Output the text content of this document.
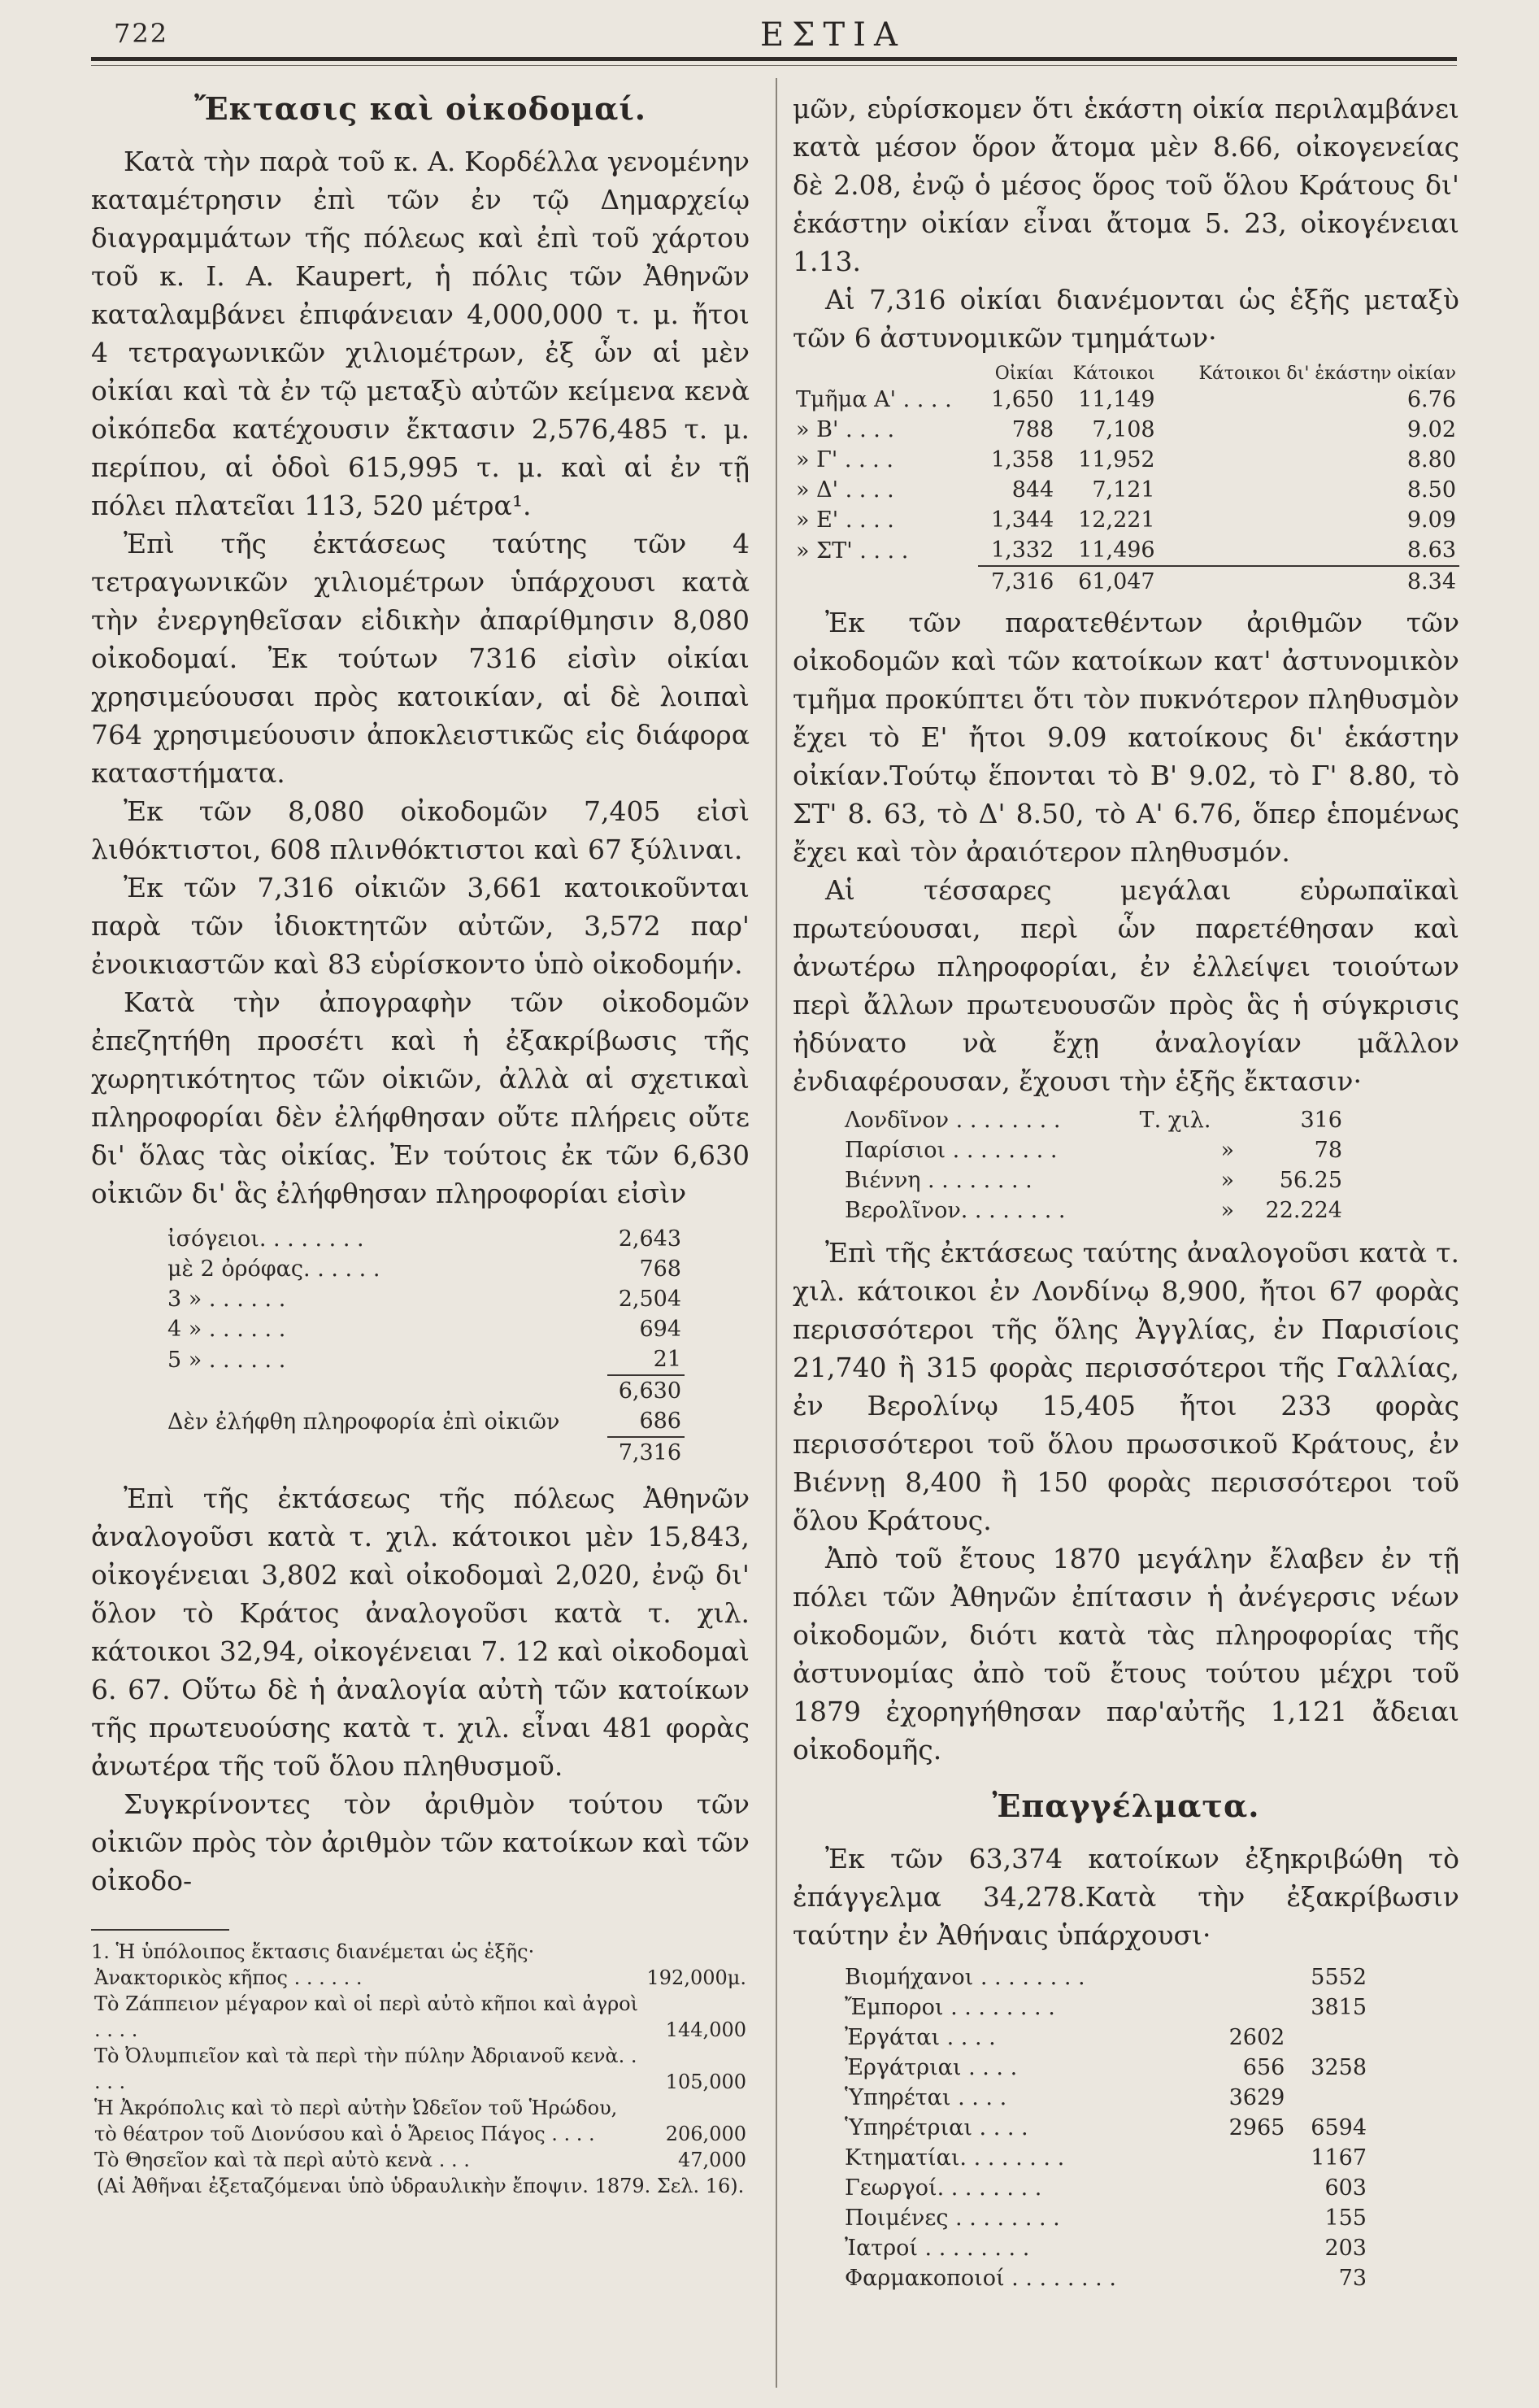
722	ΕΣΤΙΑ
Ἔκτασις καὶ οἰκοδομαί.

Κατὰ τὴν παρὰ τοῦ κ. Α. Κορδέλλα γενομένην καταμέτρησιν ἐπὶ τῶν ἐν τῷ Δημαρχείῳ διαγραμμάτων τῆς πόλεως καὶ ἐπὶ τοῦ χάρτου τοῦ κ. Ι. Α. Kaupert, ἡ πόλις τῶν Ἀθηνῶν καταλαμβάνει ἐπιφάνειαν 4,000,000 τ. μ. ἤτοι 4 τετραγωνικῶν χιλιομέτρων, ἐξ ὧν αἱ μὲν οἰκίαι καὶ τὰ ἐν τῷ μεταξὺ αὐτῶν κείμενα κενὰ οἰκόπεδα κατέχουσιν ἔκτασιν 2,576,485 τ. μ. περίπου, αἱ ὁδοὶ 615,995 τ. μ. καὶ αἱ ἐν τῇ πόλει πλατεῖαι 113, 520 μέτρα¹.

Ἐπὶ τῆς ἐκτάσεως ταύτης τῶν 4 τετραγωνικῶν χιλιομέτρων ὑπάρχουσι κατὰ τὴν ἐνεργηθεῖσαν εἰδικὴν ἀπαρίθμησιν 8,080 οἰκοδομαί. Ἐκ τούτων 7316 εἰσὶν οἰκίαι χρησιμεύουσαι πρὸς κατοικίαν, αἱ δὲ λοιπαὶ 764 χρησιμεύουσιν ἀποκλειστικῶς εἰς διάφορα καταστήματα.

Ἐκ τῶν 8,080 οἰκοδομῶν 7,405 εἰσὶ λιθόκτιστοι, 608 πλινθόκτιστοι καὶ 67 ξύλιναι.

Ἐκ τῶν 7,316 οἰκιῶν 3,661 κατοικοῦνται παρὰ τῶν ἰδιοκτητῶν αὐτῶν, 3,572 παρ' ἐνοικιαστῶν καὶ 83 εὑρίσκοντο ὑπὸ οἰκοδομήν.

Κατὰ τὴν ἀπογραφὴν τῶν οἰκοδομῶν ἐπεζητήθη προσέτι καὶ ἡ ἐξακρίβωσις τῆς χωρητικότητος τῶν οἰκιῶν, ἀλλὰ αἱ σχετικαὶ πληροφορίαι δὲν ἐλήφθησαν οὔτε πλήρεις οὔτε δι' ὅλας τὰς οἰκίας. Ἐν τούτοις ἐκ τῶν 6,630 οἰκιῶν δι' ἃς ἐλήφθησαν πληροφορίαι εἰσὶν

ἰσόγειοι. . . . . . . .	2,643
μὲ 2 ὀρόφας. . . . . .	768
3 » . . . . . .	2,504
4 » . . . . . .	694
5 » . . . . . .	21
	6,630
Δὲν ἐλήφθη πληροφορία ἐπὶ οἰκιῶν	686
	7,316

Ἐπὶ τῆς ἐκτάσεως τῆς πόλεως Ἀθηνῶν ἀναλογοῦσι κατὰ τ. χιλ. κάτοικοι μὲν 15,843, οἰκογένειαι 3,802 καὶ οἰκοδομαὶ 2,020, ἐνῷ δι' ὅλον τὸ Κράτος ἀναλογοῦσι κατὰ τ. χιλ. κάτοικοι 32,94, οἰκογένειαι 7. 12 καὶ οἰκοδομαὶ 6. 67. Οὕτω δὲ ἡ ἀναλογία αὐτὴ τῶν κατοίκων τῆς πρωτευούσης κατὰ τ. χιλ. εἶναι 481 φορὰς ἀνωτέρα τῆς τοῦ ὅλου πληθυσμοῦ.

Συγκρίνοντες τὸν ἀριθμὸν τούτου τῶν οἰκιῶν πρὸς τὸν ἀριθμὸν τῶν κατοίκων καὶ τῶν οἰκοδο-

1. Ἡ ὑπόλοιπος ἔκτασις διανέμεται ὡς ἑξῆς·
Ἀνακτορικὸς κῆπος . . . . . .	192,000μ.
Τὸ Ζάππειον μέγαρον καὶ οἱ περὶ αὐτὸ κῆποι καὶ ἀγροὶ . . . .	144,000
Τὸ Ὀλυμπιεῖον καὶ τὰ περὶ τὴν πύλην Ἀδριανοῦ κενὰ. . . . .	105,000
Ἡ Ἀκρόπολις καὶ τὸ περὶ αὐτὴν Ὠδεῖον τοῦ Ἡρώδου, τὸ θέατρον τοῦ Διονύσου καὶ ὁ Ἄρειος Πάγος . . . .	206,000
Τὸ Θησεῖον καὶ τὰ περὶ αὐτὸ κενὰ . . .	47,000
(Αἱ Ἀθῆναι ἐξεταζόμεναι ὑπὸ ὑδραυλικὴν ἔποψιν. 1879. Σελ. 16).

μῶν, εὑρίσκομεν ὅτι ἑκάστη οἰκία περιλαμβάνει κατὰ μέσον ὅρον ἄτομα μὲν 8.66, οἰκογενείας δὲ 2.08, ἐνῷ ὁ μέσος ὅρος τοῦ ὅλου Κράτους δι' ἑκάστην οἰκίαν εἶναι ἄτομα 5. 23, οἰκογένειαι 1.13.

Αἱ 7,316 οἰκίαι διανέμονται ὡς ἑξῆς μεταξὺ τῶν 6 ἀστυνομικῶν τμημάτων·

	Οἰκίαι	Κάτοικοι	Κάτοικοι δι' ἑκάστην οἰκίαν
Τμῆμα Α' . . . .	1,650	11,149	6.76
» Β' . . . .	788	7,108	9.02
» Γ' . . . .	1,358	11,952	8.80
» Δ' . . . .	844	7,121	8.50
» Ε' . . . .	1,344	12,221	9.09
» ΣΤ' . . . .	1,332	11,496	8.63
	7,316	61,047	8.34

Ἐκ τῶν παρατεθέντων ἀριθμῶν τῶν οἰκοδομῶν καὶ τῶν κατοίκων κατ' ἀστυνομικὸν τμῆμα προκύπτει ὅτι τὸν πυκνότερον πληθυσμὸν ἔχει τὸ Ε' ἤτοι 9.09 κατοίκους δι' ἑκάστην οἰκίαν.Τούτῳ ἕπονται τὸ Β' 9.02, τὸ Γ' 8.80, τὸ ΣΤ' 8. 63, τὸ Δ' 8.50, τὸ Α' 6.76, ὅπερ ἑπομένως ἔχει καὶ τὸν ἀραιότερον πληθυσμόν.

Αἱ τέσσαρες μεγάλαι εὐρωπαϊκαὶ πρωτεύουσαι, περὶ ὧν παρετέθησαν καὶ ἀνωτέρω πληροφορίαι, ἐν ἐλλείψει τοιούτων περὶ ἄλλων πρωτευουσῶν πρὸς ἃς ἡ σύγκρισις ἠδύνατο νὰ ἔχῃ ἀναλογίαν μᾶλλον ἐνδιαφέρουσαν, ἔχουσι τὴν ἑξῆς ἔκτασιν·

Λονδῖνον . . . . . . . .	Τ. χιλ.	316
Παρίσιοι . . . . . . . .	»	78
Βιέννη . . . . . . . .	»	56.25
Βερολῖνον. . . . . . . .	»	22.224

Ἐπὶ τῆς ἐκτάσεως ταύτης ἀναλογοῦσι κατὰ τ. χιλ. κάτοικοι ἐν Λονδίνῳ 8,900, ἤτοι 67 φορὰς περισσότεροι τῆς ὅλης Ἀγγλίας, ἐν Παρισίοις 21,740 ἢ 315 φορὰς περισσότεροι τῆς Γαλλίας, ἐν Βερολίνῳ 15,405 ἤτοι 233 φορὰς περισσότεροι τοῦ ὅλου πρωσσικοῦ Κράτους, ἐν Βιέννῃ 8,400 ἢ 150 φορὰς περισσότεροι τοῦ ὅλου Κράτους.

Ἀπὸ τοῦ ἔτους 1870 μεγάλην ἔλαβεν ἐν τῇ πόλει τῶν Ἀθηνῶν ἐπίτασιν ἡ ἀνέγερσις νέων οἰκοδομῶν, διότι κατὰ τὰς πληροφορίας τῆς ἀστυνομίας ἀπὸ τοῦ ἔτους τούτου μέχρι τοῦ 1879 ἐχορηγήθησαν παρ'αὐτῆς 1,121 ἄδειαι οἰκοδομῆς.

Ἐπαγγέλματα.

Ἐκ τῶν 63,374 κατοίκων ἐξηκριβώθη τὸ ἐπάγγελμα 34,278.Κατὰ τὴν ἐξακρίβωσιν ταύτην ἐν Ἀθήναις ὑπάρχουσι·

Βιομήχανοι . . . . . . . .		5552
Ἔμποροι . . . . . . . .		3815
Ἐργάται . . . .	2602	
Ἐργάτριαι . . . .	656	3258
Ὑπηρέται . . . .	3629	
Ὑπηρέτριαι . . . .	2965	6594
Κτηματίαι. . . . . . . .		1167
Γεωργοί. . . . . . . .		603
Ποιμένες . . . . . . . .		155
Ἰατροί . . . . . . . .		203
Φαρμακοποιοί . . . . . . . .		73
